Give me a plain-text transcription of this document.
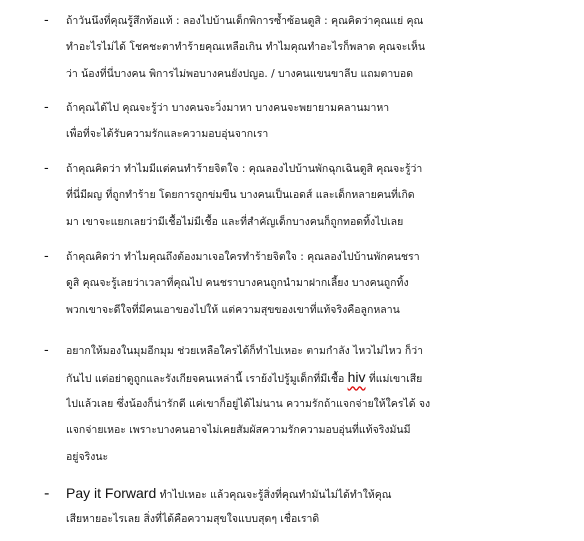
-	ถ้าวันนึงที่คุณรู้สึกท้อแท้ : ลองไปบ้านเด็กพิการซ้ำซ้อนดูสิ : คุณคิดว่าคุณแย่ คุณ
ทำอะไรไม่ได้ โชคชะตาทำร้ายคุณเหลือเกิน ทำไมคุณทำอะไรก็พลาด คุณจะเห็น
ว่า น้องที่นี่บางคน พิการไม่พอบางคนยังปญอ. / บางคนแขนขาลีบ แถมตาบอด
-	ถ้าคุณได้ไป คุณจะรู้ว่า บางคนจะวิ่งมาหา บางคนจะพยายามคลานมาหา
เพื่อที่จะได้รับความรักและความอบอุ่นจากเรา
-	ถ้าคุณคิดว่า ทำไมมีแต่คนทำร้ายจิตใจ : คุณลองไปบ้านพักฉุกเฉินดูสิ คุณจะรู้ว่า
ที่นี่มีผญ ที่ถูกทำร้าย โดยการถูกข่มขืน บางคนเป็นเอดส์ และเด็กหลายคนที่เกิด
มา เขาจะแยกเลยว่ามีเชื้อไม่มีเชื้อ และที่สำคัญเด็กบางคนก็ถูกทอดทิ้งไปเลย
-	ถ้าคุณคิดว่า ทำไมคุณถึงต้องมาเจอใครทำร้ายจิตใจ : คุณลองไปบ้านพักคนชรา
ดูสิ คุณจะรู้เลยว่าเวลาที่คุณไป คนชราบางคนถูกนำมาฝากเลี้ยง บางคนถูกทิ้ง
พวกเขาจะดีใจที่มีคนเอาของไปให้ แต่ความสุขของเขาที่แท้จริงคือลูกหลาน
-	อยากให้มองในมุมอีกมุม ช่วยเหลือใครได้ก็ทำไปเหอะ ตามกำลัง ไหวไม่ไหว ก็ว่า
กันไป แต่อย่าดูถูกและรังเกียจคนเหล่านี้ เราย้งไปรู้มูเด็กที่มีเชื้อ hiv ที่แม่เขาเสีย
ไปแล้วเลย ซึ่งน้องก็น่ารักดี แค่เขาก็อยู่ได้ไม่นาน ความรักถ้าแจกจ่ายให้ใครได้ จง
แจกจ่ายเหอะ เพราะบางคนอาจไม่เคยสัมผัสความรักความอบอุ่นที่แท้จริงมันมี
อยู่จริงนะ
-	Pay it Forward ทำไปเหอะ แล้วคุณจะรู้สิ่งที่คุณทำมันไม่ได้ทำให้คุณ
เสียหายอะไรเลย สิ่งที่ได้คือความสุขใจแบบสุดๆ เชื่อเราดิ
